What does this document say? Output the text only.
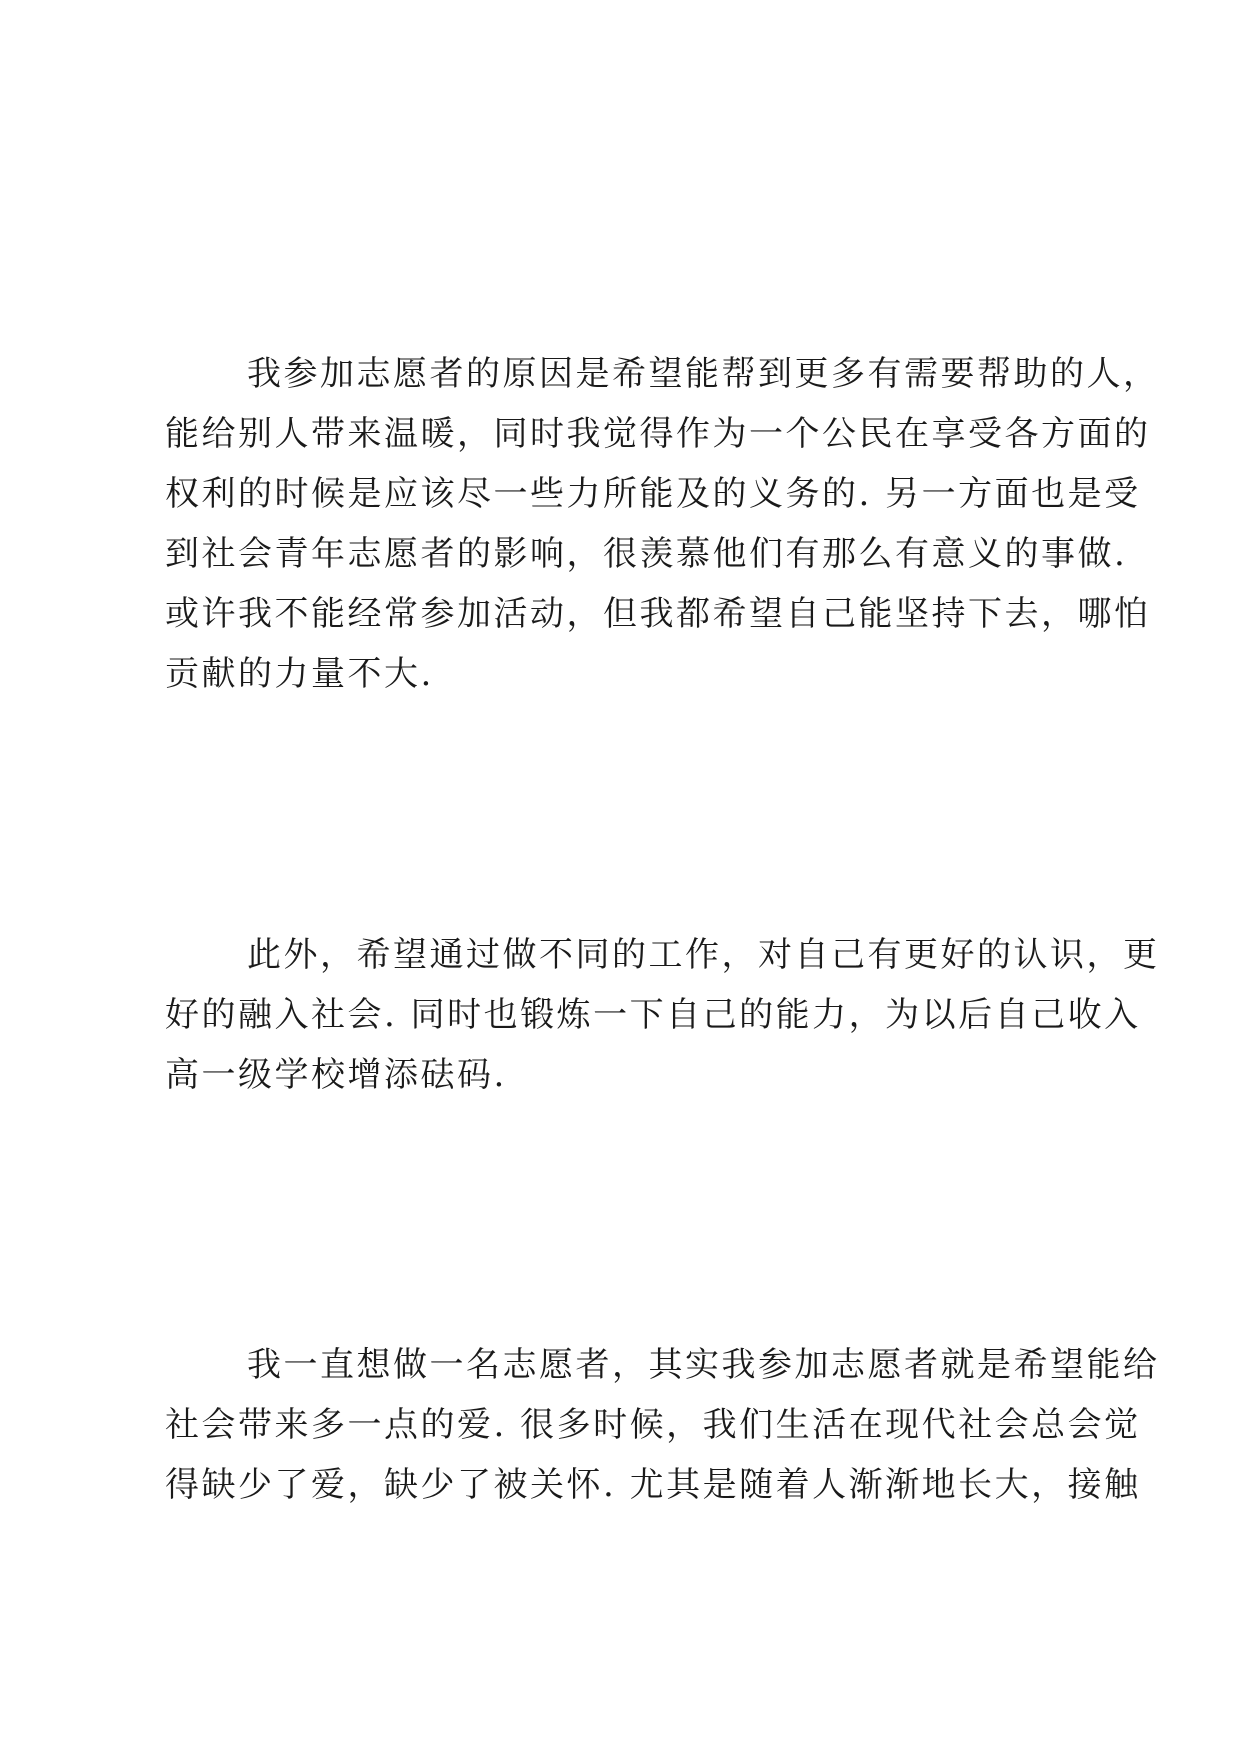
我参加志愿者的原因是希望能帮到更多有需要帮助的人，
能给别人带来温暖，同时我觉得作为一个公民在享受各方面的
权利的时候是应该尽一些力所能及的义务的. 另一方面也是受
到社会青年志愿者的影响，很羡慕他们有那么有意义的事做.
或许我不能经常参加活动，但我都希望自己能坚持下去，哪怕
贡献的力量不大.

此外，希望通过做不同的工作，对自己有更好的认识，更
好的融入社会. 同时也锻炼一下自己的能力，为以后自己收入
高一级学校增添砝码.

我一直想做一名志愿者，其实我参加志愿者就是希望能给
社会带来多一点的爱. 很多时候，我们生活在现代社会总会觉
得缺少了爱，缺少了被关怀. 尤其是随着人渐渐地长大，接触
